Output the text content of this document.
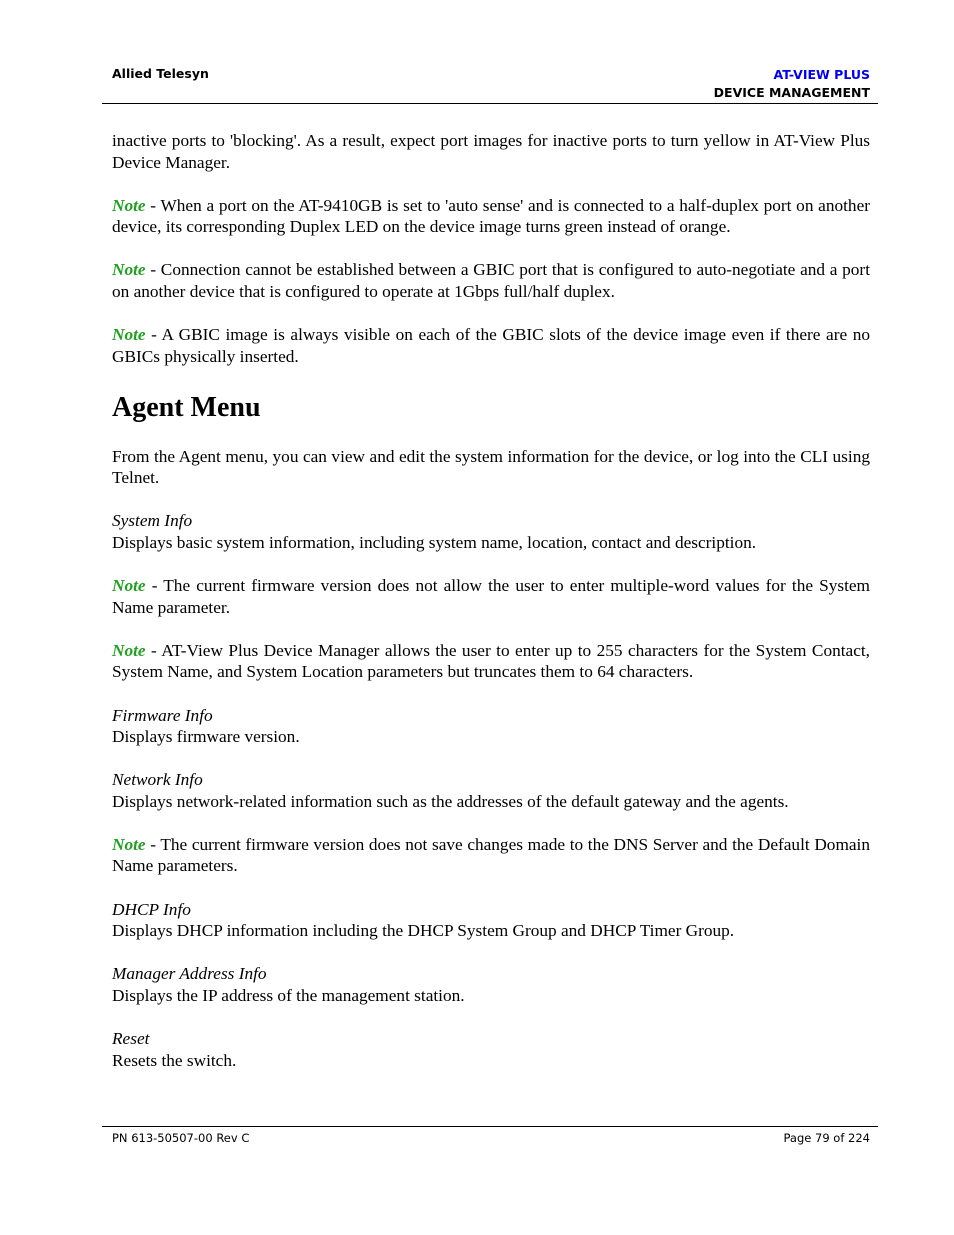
Allied Telesyn	AT-VIEW PLUS
DEVICE MANAGEMENT

inactive ports to 'blocking'. As a result, expect port images for inactive ports to turn yellow in AT-View Plus Device Manager.

Note - When a port on the AT-9410GB is set to 'auto sense' and is connected to a half-duplex port on another device, its corresponding Duplex LED on the device image turns green instead of orange.

Note - Connection cannot be established between a GBIC port that is configured to auto-negotiate and a port on another device that is configured to operate at 1Gbps full/half duplex.

Note - A GBIC image is always visible on each of the GBIC slots of the device image even if there are no GBICs physically inserted.

Agent Menu

From the Agent menu, you can view and edit the system information for the device, or log into the CLI using Telnet.

System Info

Displays basic system information, including system name, location, contact and description.

Note - The current firmware version does not allow the user to enter multiple-word values for the System Name parameter.

Note - AT-View Plus Device Manager allows the user to enter up to 255 characters for the System Contact, System Name, and System Location parameters but truncates them to 64 characters.

Firmware Info

Displays firmware version.

Network Info

Displays network-related information such as the addresses of the default gateway and the agents.

Note - The current firmware version does not save changes made to the DNS Server and the Default Domain Name parameters.

DHCP Info

Displays DHCP information including the DHCP System Group and DHCP Timer Group.

Manager Address Info

Displays the IP address of the management station.

Reset

Resets the switch.

PN 613-50507-00 Rev C	Page 79 of 224
